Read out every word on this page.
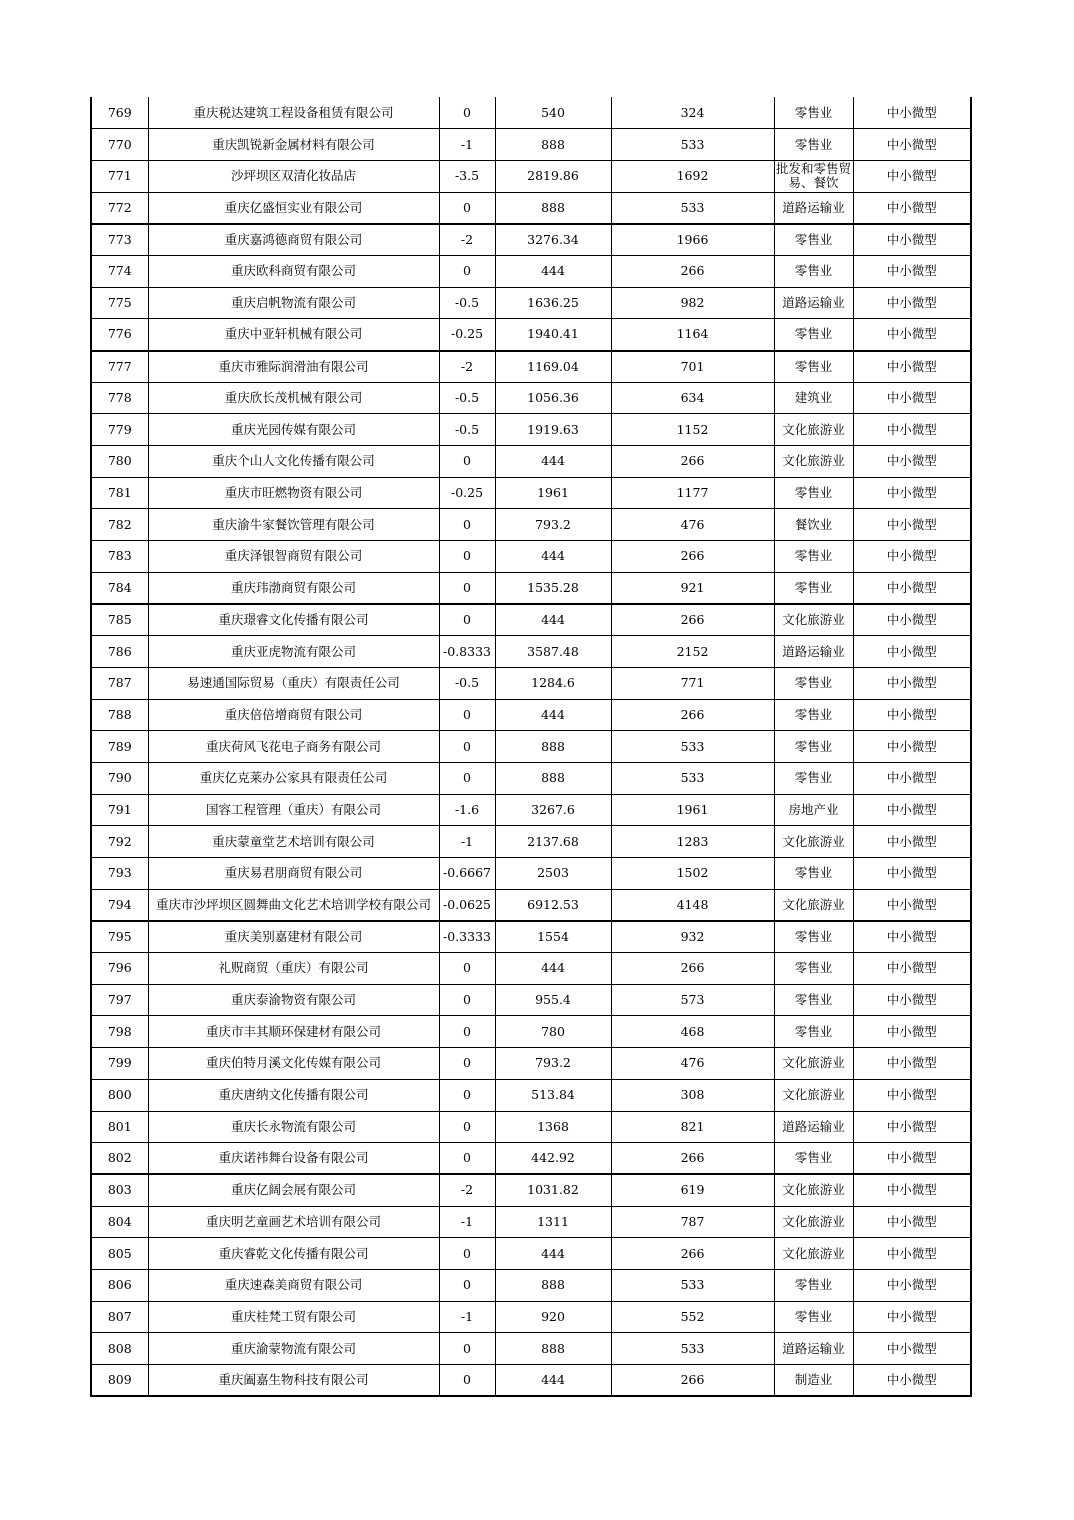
769	重庆税达建筑工程设备租赁有限公司	0	540	324	零售业	中小微型
770	重庆凯锐新金属材料有限公司	-1	888	533	零售业	中小微型
771	沙坪坝区双清化妆品店	-3.5	2819.86	1692	批发和零售贸易、餐饮	中小微型
772	重庆亿盛恒实业有限公司	0	888	533	道路运输业	中小微型
773	重庆嘉鸿德商贸有限公司	-2	3276.34	1966	零售业	中小微型
774	重庆欧科商贸有限公司	0	444	266	零售业	中小微型
775	重庆启帆物流有限公司	-0.5	1636.25	982	道路运输业	中小微型
776	重庆中亚轩机械有限公司	-0.25	1940.41	1164	零售业	中小微型
777	重庆市雅际润滑油有限公司	-2	1169.04	701	零售业	中小微型
778	重庆欣长茂机械有限公司	-0.5	1056.36	634	建筑业	中小微型
779	重庆光园传媒有限公司	-0.5	1919.63	1152	文化旅游业	中小微型
780	重庆个山人文化传播有限公司	0	444	266	文化旅游业	中小微型
781	重庆市旺燃物资有限公司	-0.25	1961	1177	零售业	中小微型
782	重庆渝牛家餐饮管理有限公司	0	793.2	476	餐饮业	中小微型
783	重庆泽银智商贸有限公司	0	444	266	零售业	中小微型
784	重庆玮渤商贸有限公司	0	1535.28	921	零售业	中小微型
785	重庆璟睿文化传播有限公司	0	444	266	文化旅游业	中小微型
786	重庆亚虎物流有限公司	-0.8333	3587.48	2152	道路运输业	中小微型
787	易速通国际贸易（重庆）有限责任公司	-0.5	1284.6	771	零售业	中小微型
788	重庆倍倍增商贸有限公司	0	444	266	零售业	中小微型
789	重庆荷风飞花电子商务有限公司	0	888	533	零售业	中小微型
790	重庆亿克莱办公家具有限责任公司	0	888	533	零售业	中小微型
791	国容工程管理（重庆）有限公司	-1.6	3267.6	1961	房地产业	中小微型
792	重庆蒙童堂艺术培训有限公司	-1	2137.68	1283	文化旅游业	中小微型
793	重庆易君朋商贸有限公司	-0.6667	2503	1502	零售业	中小微型
794	重庆市沙坪坝区圆舞曲文化艺术培训学校有限公司	-0.0625	6912.53	4148	文化旅游业	中小微型
795	重庆美别嘉建材有限公司	-0.3333	1554	932	零售业	中小微型
796	礼贶商贸（重庆）有限公司	0	444	266	零售业	中小微型
797	重庆泰渝物资有限公司	0	955.4	573	零售业	中小微型
798	重庆市丰其顺环保建材有限公司	0	780	468	零售业	中小微型
799	重庆伯特月溪文化传媒有限公司	0	793.2	476	文化旅游业	中小微型
800	重庆唐纳文化传播有限公司	0	513.84	308	文化旅游业	中小微型
801	重庆长永物流有限公司	0	1368	821	道路运输业	中小微型
802	重庆诺祎舞台设备有限公司	0	442.92	266	零售业	中小微型
803	重庆亿阔会展有限公司	-2	1031.82	619	文化旅游业	中小微型
804	重庆明艺童画艺术培训有限公司	-1	1311	787	文化旅游业	中小微型
805	重庆睿乾文化传播有限公司	0	444	266	文化旅游业	中小微型
806	重庆速森美商贸有限公司	0	888	533	零售业	中小微型
807	重庆桂梵工贸有限公司	-1	920	552	零售业	中小微型
808	重庆渝蒙物流有限公司	0	888	533	道路运输业	中小微型
809	重庆阖嘉生物科技有限公司	0	444	266	制造业	中小微型
